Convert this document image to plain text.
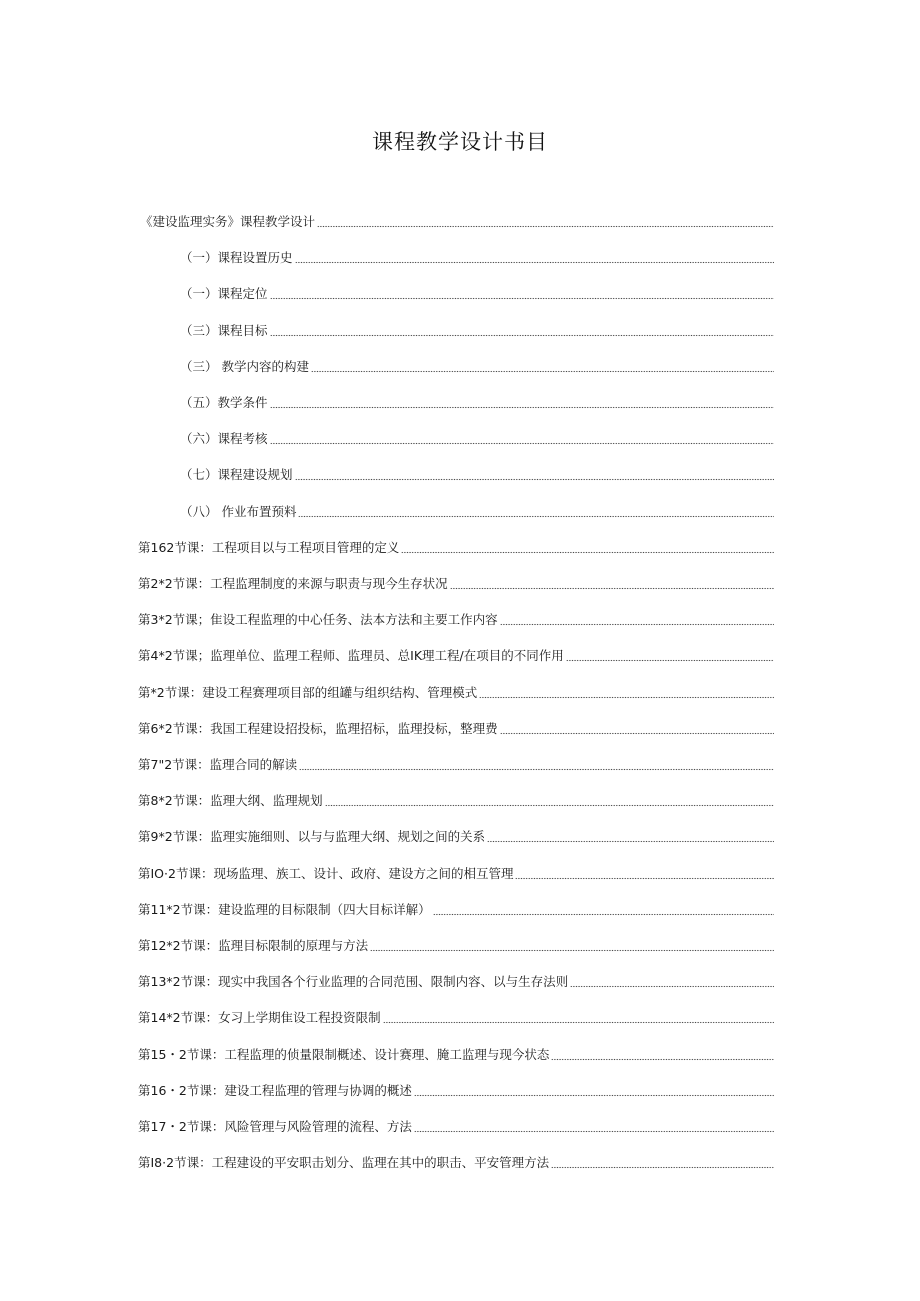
课程教学设计书目
《建设监理实务》课程教学设计
（一）课程设置历史
（一）课程定位
（三）课程目标
（三） 教学内容的构建
（五）教学条件
（六）课程考核
（七）课程建设规划
（八） 作业布置预料
第162节课：工程项目以与工程项目管理的定义
第2*2节课：工程监理制度的来源与职责与现今生存状况
第3*2节课；隹设工程监理的中心任务、法本方法和主要工作内容
第4*2节课；监理单位、监理工程师、监理员、总IK理工程/在项目的不同作用
第*2节课：建设工程赛理项目部的组罐与组织结构、管理模式
第6*2节课：我国工程建设招投标，监理招标，监理投标，整理费
第7"2节课：监理合同的解读
第8*2节课：监理大纲、监理规划
第9*2节课：监理实施细则、以与与监理大纲、规划之间的关系
第IO·2节课：现场监理、族工、设计、政府、建设方之间的相互管理
第11*2节课：建设监理的目标限制（四大目标详解）
第12*2节课：监理目标限制的原理与方法
第13*2节课：现实中我国各个行业监理的合同范围、限制内容、以与生存法则
第14*2节课：女习上学期隹设工程投资限制
第15・2节课：工程监理的侦量限制概述、设计赛理、腌工监理与现今状态
第16・2节课：建设工程监理的管理与协调的概述
第17・2节课：风险管理与风险管理的流程、方法
第I8·2节课：工程建设的平安职击划分、监理在其中的职击、平安管理方法
